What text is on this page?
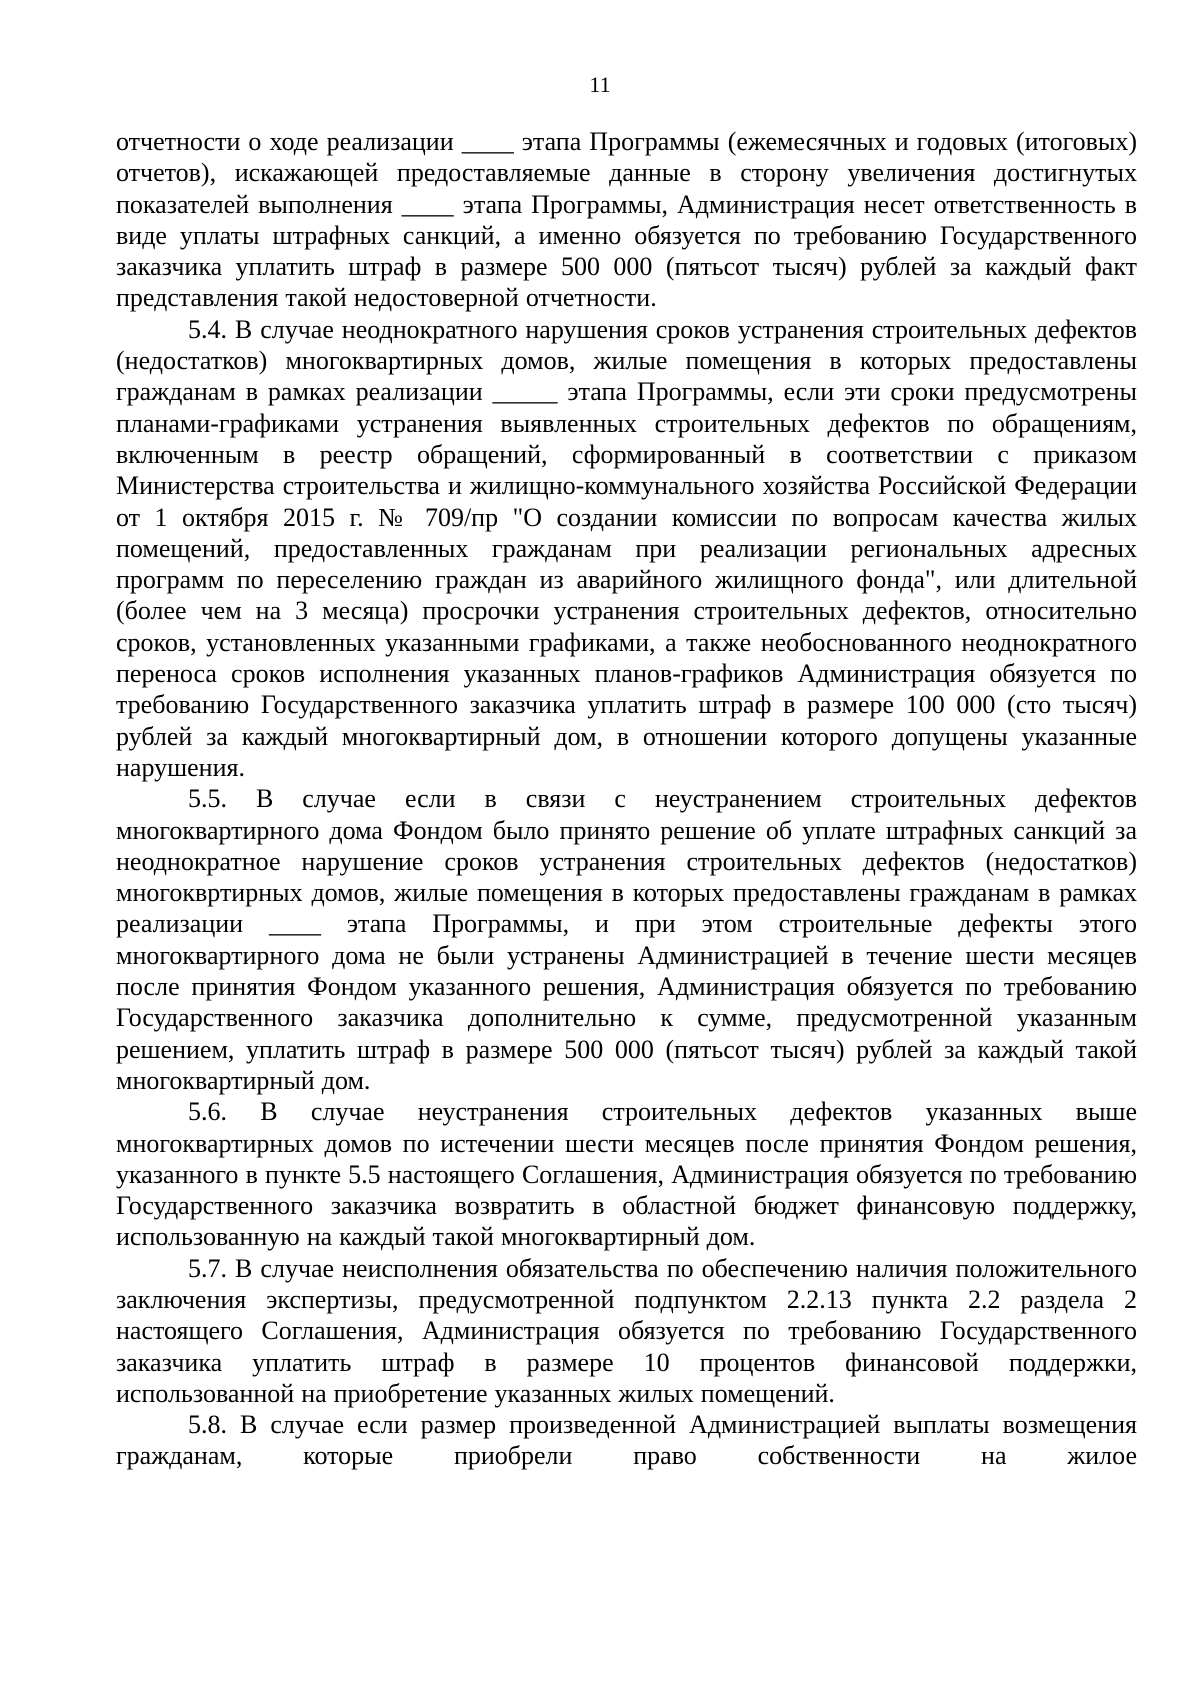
11

отчетности о ходе реализации ____ этапа Программы (ежемесячных и годовых (итоговых) отчетов), искажающей предоставляемые данные в сторону увеличения достигнутых показателей выполнения ____ этапа Программы, Администрация несет ответственность в виде уплаты штрафных санкций, а именно обязуется по требованию Государственного заказчика уплатить штраф в размере 500 000 (пятьсот тысяч) рублей за каждый факт представления такой недостоверной отчетности.

5.4. В случае неоднократного нарушения сроков устранения строительных дефектов (недостатков) многоквартирных домов, жилые помещения в которых предоставлены гражданам в рамках реализации _____ этапа Программы, если эти сроки предусмотрены планами-графиками устранения выявленных строительных дефектов по обращениям, включенным в реестр обращений, сформированный в соответствии с приказом Министерства строительства и жилищно-коммунального хозяйства Российской Федерации от 1 октября 2015 г. № 709/пр "О создании комиссии по вопросам качества жилых помещений, предоставленных гражданам при реализации региональных адресных программ по переселению граждан из аварийного жилищного фонда", или длительной (более чем на 3 месяца) просрочки устранения строительных дефектов, относительно сроков, установленных указанными графиками, а также необоснованного неоднократного переноса сроков исполнения указанных планов-графиков Администрация обязуется по требованию Государственного заказчика уплатить штраф в размере 100 000 (сто тысяч) рублей за каждый многоквартирный дом, в отношении которого допущены указанные нарушения.

5.5. В случае если в связи с неустранением строительных дефектов многоквартирного дома Фондом было принято решение об уплате штрафных санкций за неоднократное нарушение сроков устранения строительных дефектов (недостатков) многоквртирных домов, жилые помещения в которых предоставлены гражданам в рамках реализации ____ этапа Программы, и при этом строительные дефекты этого многоквартирного дома не были устранены Администрацией в течение шести месяцев после принятия Фондом указанного решения, Администрация обязуется по требованию Государственного заказчика дополнительно к сумме, предусмотренной указанным решением, уплатить штраф в размере 500 000 (пятьсот тысяч) рублей за каждый такой многоквартирный дом.

5.6. В случае неустранения строительных дефектов указанных выше многоквартирных домов по истечении шести месяцев после принятия Фондом решения, указанного в пункте 5.5 настоящего Соглашения, Администрация обязуется по требованию Государственного заказчика возвратить в областной бюджет финансовую поддержку, использованную на каждый такой многоквартирный дом.

5.7. В случае неисполнения обязательства по обеспечению наличия положительного заключения экспертизы, предусмотренной подпунктом 2.2.13 пункта 2.2 раздела 2 настоящего Соглашения, Администрация обязуется по требованию Государственного заказчика уплатить штраф в размере 10 процентов финансовой поддержки, использованной на приобретение указанных жилых помещений.

5.8. В случае если размер произведенной Администрацией выплаты возмещения гражданам, которые приобрели право собственности на жилое
